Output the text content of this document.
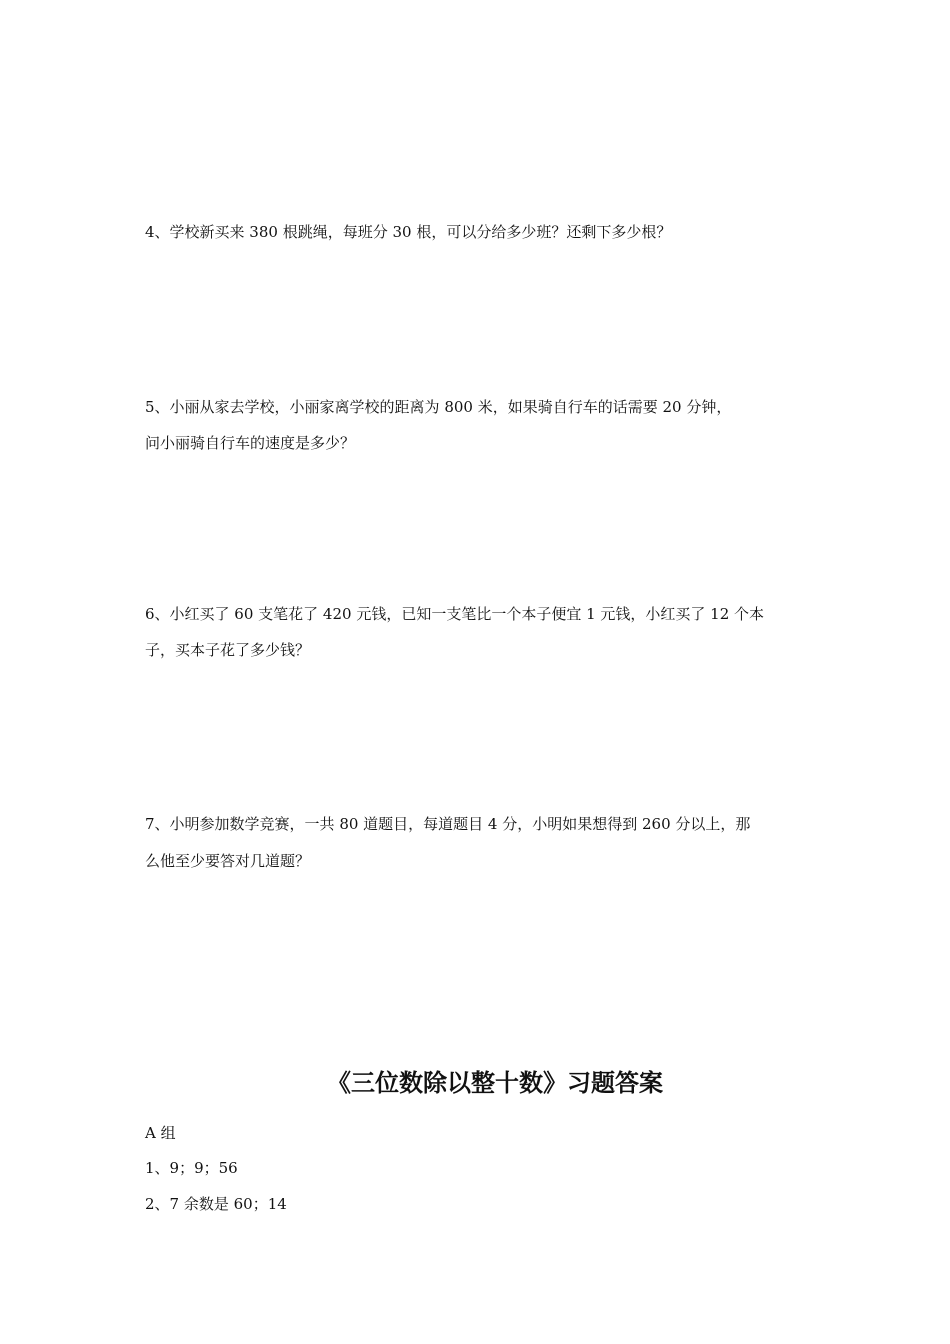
4、学校新买来 380 根跳绳，每班分 30 根，可以分给多少班？还剩下多少根？
5、小丽从家去学校，小丽家离学校的距离为 800 米，如果骑自行车的话需要 20 分钟，
问小丽骑自行车的速度是多少？
6、小红买了 60 支笔花了 420 元钱，已知一支笔比一个本子便宜 1 元钱，小红买了 12 个本
子，买本子花了多少钱？
7、小明参加数学竞赛，一共 80 道题目，每道题目 4 分，小明如果想得到 260 分以上，那
么他至少要答对几道题？
《三位数除以整十数》习题答案
A 组
1、9；9；56
2、7 余数是 60；14
